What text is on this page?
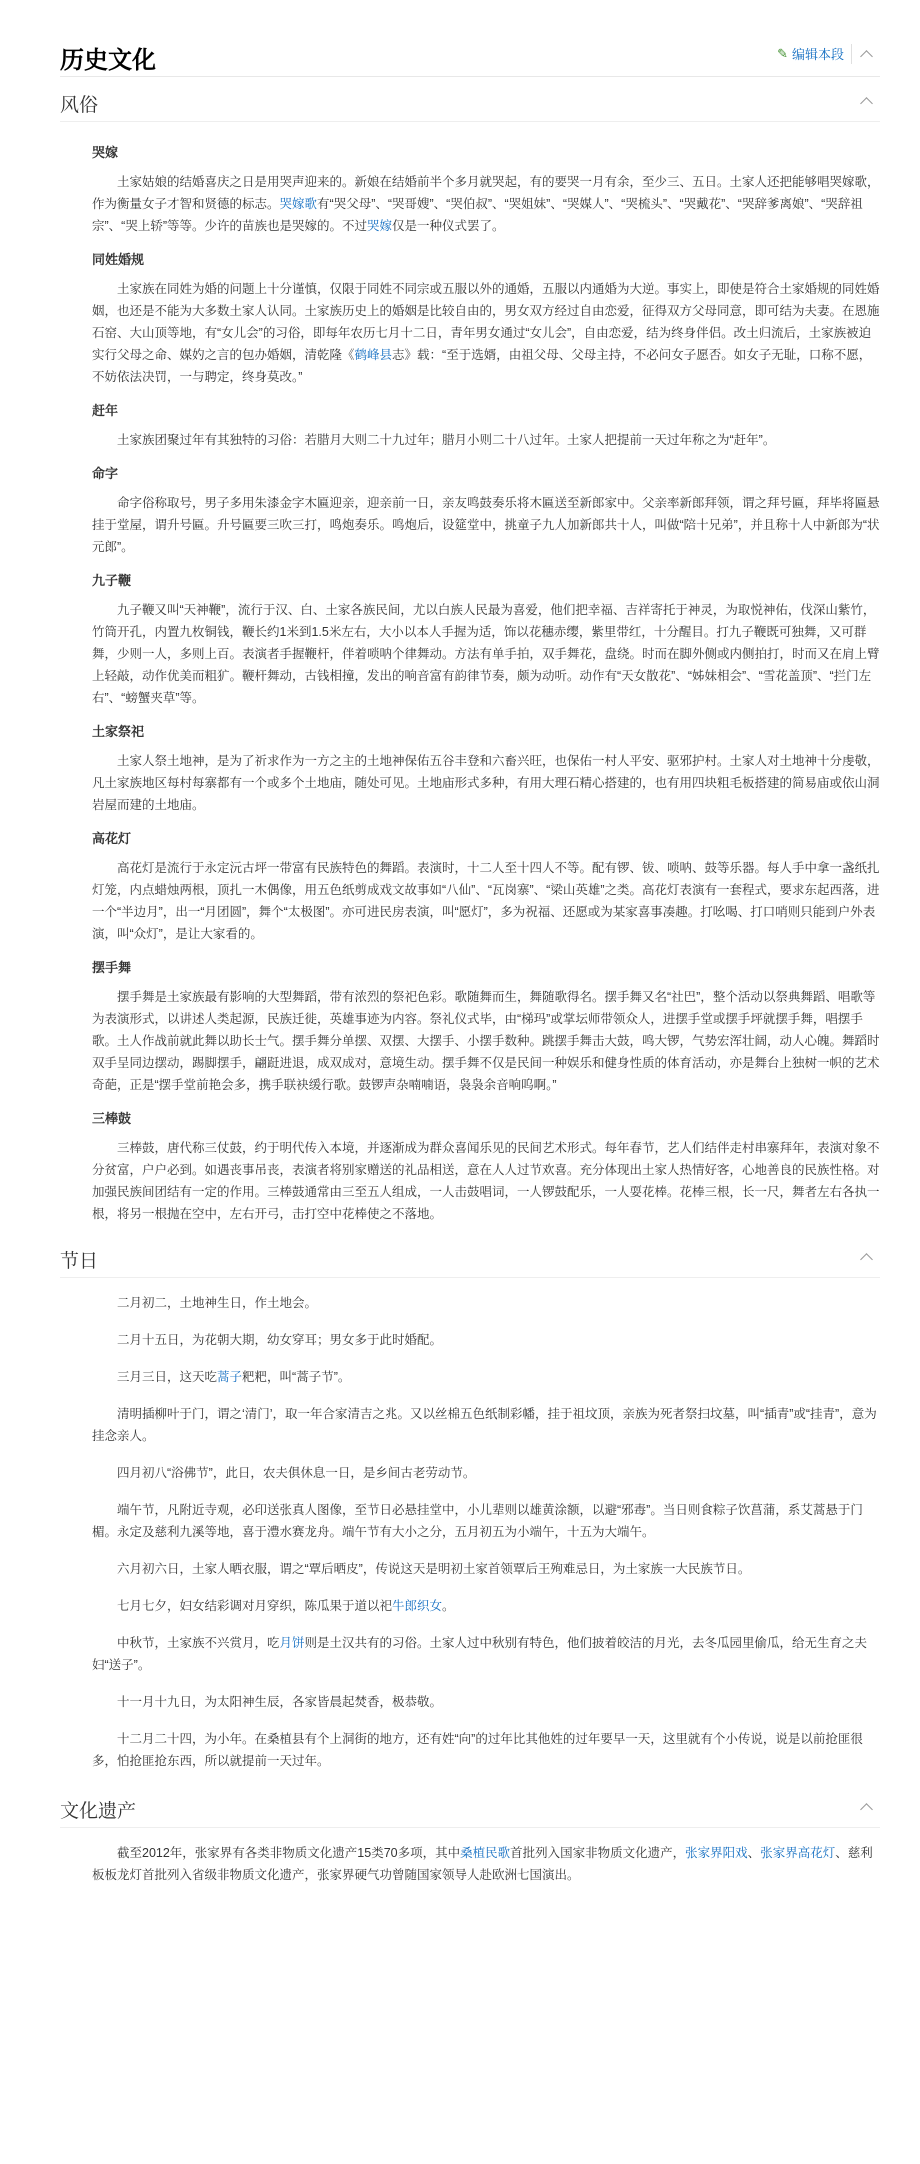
历史文化	✎ 编辑本段
风俗
哭嫁

土家姑娘的结婚喜庆之日是用哭声迎来的。新娘在结婚前半个多月就哭起，有的要哭一月有余，至少三、五日。土家人还把能够唱哭嫁歌，作为衡量女子才智和贤德的标志。哭嫁歌有“哭父母”、“哭哥嫂”、“哭伯叔”、“哭姐妹”、“哭媒人”、“哭梳头”、“哭戴花”、“哭辞爹离娘”、“哭辞祖宗”、“哭上轿”等等。少许的苗族也是哭嫁的。不过哭嫁仅是一种仪式罢了。

同姓婚规

土家族在同姓为婚的问题上十分谨慎，仅限于同姓不同宗或五服以外的通婚，五服以内通婚为大逆。事实上，即使是符合土家婚规的同姓婚姻，也还是不能为大多数土家人认同。土家族历史上的婚姻是比较自由的，男女双方经过自由恋爱，征得双方父母同意，即可结为夫妻。在恩施石窑、大山顶等地，有“女儿会”的习俗，即每年农历七月十二日，青年男女通过“女儿会”，自由恋爱，结为终身伴侣。改土归流后，土家族被迫实行父母之命、媒妁之言的包办婚姻，清乾隆《鹤峰县志》载：“至于选婿，由祖父母、父母主持，不必问女子愿否。如女子无耻，口称不愿，不妨依法决罚，一与聘定，终身莫改。”

赶年

土家族团聚过年有其独特的习俗：若腊月大则二十九过年；腊月小则二十八过年。土家人把提前一天过年称之为“赶年”。

命字

命字俗称取号，男子多用朱漆金字木匾迎亲，迎亲前一日，亲友鸣鼓奏乐将木匾送至新郎家中。父亲率新郎拜领，谓之拜号匾，拜毕将匾悬挂于堂屋，谓升号匾。升号匾要三吹三打，鸣炮奏乐。鸣炮后，设筵堂中，挑童子九人加新郎共十人，叫做“陪十兄弟”，并且称十人中新郎为“状元郎”。

九子鞭

九子鞭又叫“天神鞭”，流行于汉、白、土家各族民间，尤以白族人民最为喜爱，他们把幸福、吉祥寄托于神灵，为取悦神佑，伐深山紫竹，竹筒开孔，内置九枚铜钱，鞭长约1米到1.5米左右，大小以本人手握为适，饰以花穗赤缨，紫里带红，十分醒目。打九子鞭既可独舞，又可群舞，少则一人，多则上百。表演者手握鞭杆，伴着唢呐个律舞动。方法有单手拍，双手舞花，盘绕。时而在脚外侧或内侧拍打，时而又在肩上臂上轻敲，动作优美而粗犷。鞭杆舞动，古钱相撞，发出的响音富有韵律节奏，颇为动听。动作有“天女散花”、“姊妹相会”、“雪花盖顶”、“拦门左右”、“螃蟹夹草”等。

土家祭祀

土家人祭土地神，是为了祈求作为一方之主的土地神保佑五谷丰登和六畜兴旺，也保佑一村人平安、驱邪护村。土家人对土地神十分虔敬，凡土家族地区每村每寨都有一个或多个土地庙，随处可见。土地庙形式多种，有用大理石精心搭建的，也有用四块粗毛板搭建的简易庙或依山洞岩屋而建的土地庙。

高花灯

高花灯是流行于永定沅古坪一带富有民族特色的舞蹈。表演时，十二人至十四人不等。配有锣、钹、唢呐、鼓等乐器。每人手中拿一盏纸扎灯笼，内点蜡烛两根，顶扎一木偶像，用五色纸剪成戏文故事如“八仙”、“瓦岗寨”、“梁山英雄”之类。高花灯表演有一套程式，要求东起西落，进一个“半边月”，出一“月团圆”，舞个“太极图”。亦可进民房表演，叫“愿灯”，多为祝福、还愿或为某家喜事凑趣。打吆喝、打口哨则只能到户外表演，叫“众灯”，是让大家看的。

摆手舞

摆手舞是土家族最有影响的大型舞蹈，带有浓烈的祭祀色彩。歌随舞而生，舞随歌得名。摆手舞又名“社巴”，整个活动以祭典舞蹈、唱歌等为表演形式，以讲述人类起源，民族迁徙，英雄事迹为内容。祭礼仪式毕，由“梯玛”或掌坛师带领众人，进摆手堂或摆手坪就摆手舞，唱摆手歌。土人作战前就此舞以助长士气。摆手舞分单摆、双摆、大摆手、小摆手数种。跳摆手舞击大鼓，鸣大锣，气势宏浑壮阔，动人心魄。舞蹈时双手呈同边摆动，踢脚摆手，翩跹进退，成双成对，意境生动。摆手舞不仅是民间一种娱乐和健身性质的体育活动，亦是舞台上独树一帜的艺术奇葩，正是“摆手堂前艳会多，携手联袂缓行歌。鼓锣声杂喃喃语，袅袅余音响呜啊。”

三棒鼓

三棒鼓，唐代称三仗鼓，约于明代传入本境，并逐渐成为群众喜闻乐见的民间艺术形式。每年春节，艺人们结伴走村串寨拜年，表演对象不分贫富，户户必到。如遇丧事吊丧，表演者将别家赠送的礼品相送，意在人人过节欢喜。充分体现出土家人热情好客，心地善良的民族性格。对加强民族间团结有一定的作用。三棒鼓通常由三至五人组成，一人击鼓唱词，一人锣鼓配乐，一人耍花棒。花棒三根，长一尺，舞者左右各执一根，将另一根抛在空中，左右开弓，击打空中花棒使之不落地。

节日

二月初二，土地神生日，作土地会。

二月十五日，为花朝大期，幼女穿耳；男女多于此时婚配。

三月三日，这天吃蒿子粑粑，叫“蒿子节”。

清明插柳叶于门，谓之‘清门’，取一年合家清吉之兆。又以丝棉五色纸制彩幡，挂于祖坟顶，亲族为死者祭扫坟墓，叫“插青”或“挂青”，意为挂念亲人。

四月初八“浴佛节”，此日，农夫俱休息一日，是乡间古老劳动节。

端午节，凡附近寺观，必印送张真人图像，至节日必悬挂堂中，小儿辈则以雄黄涂额，以避“邪毒”。当日则食粽子饮菖蒲，系艾蒿悬于门楣。永定及慈利九溪等地，喜于澧水赛龙舟。端午节有大小之分，五月初五为小端午，十五为大端午。

六月初六日，土家人晒衣服，谓之“覃后晒皮”，传说这天是明初土家首领覃后王殉难忌日，为土家族一大民族节日。

七月七夕，妇女结彩调对月穿织，陈瓜果于道以祀牛郎织女。

中秋节，土家族不兴赏月，吃月饼则是土汉共有的习俗。土家人过中秋别有特色，他们披着皎洁的月光，去冬瓜园里偷瓜，给无生育之夫妇“送子”。

十一月十九日，为太阳神生辰，各家皆晨起焚香，极恭敬。

十二月二十四，为小年。在桑植县有个上洞街的地方，还有姓“向”的过年比其他姓的过年要早一天，这里就有个小传说，说是以前抢匪很多，怕抢匪抢东西，所以就提前一天过年。

文化遗产

截至2012年，张家界有各类非物质文化遗产15类70多项，其中桑植民歌首批列入国家非物质文化遗产，张家界阳戏、张家界高花灯、慈利板板龙灯首批列入省级非物质文化遗产，张家界硬气功曾随国家领导人赴欧洲七国演出。
